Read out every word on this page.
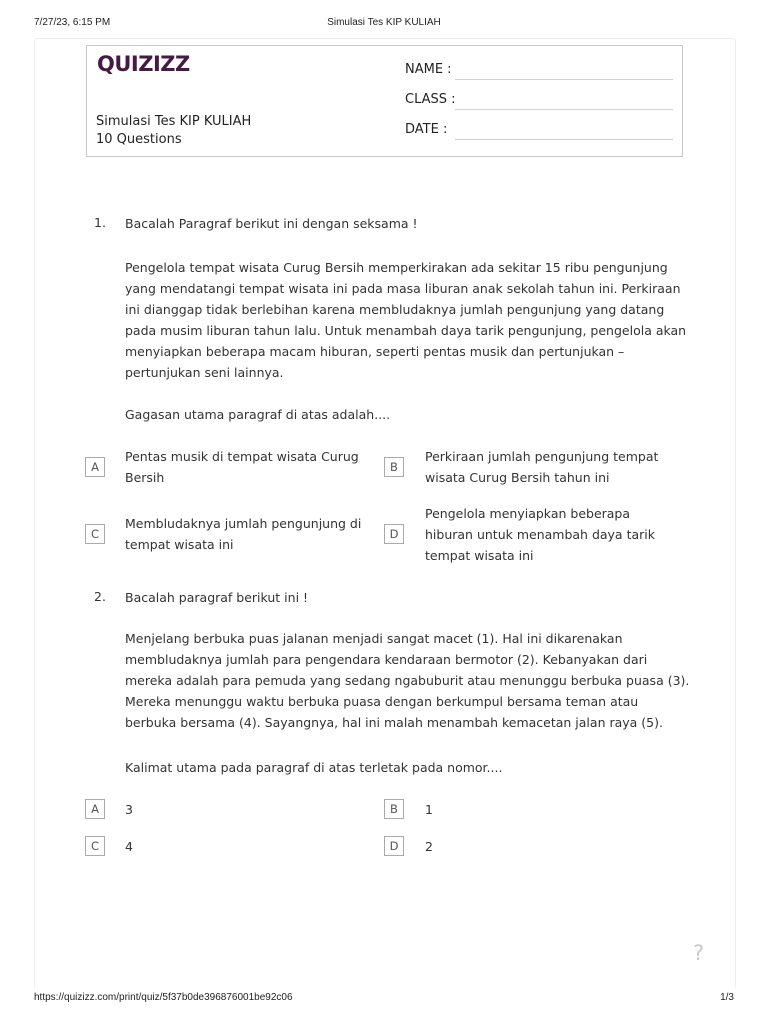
7/27/23, 6:15 PM	Simulasi Tes KIP KULIAH
QUIZIZZ
Simulasi Tes KIP KULIAH
10 Questions
NAME :
CLASS :
DATE :
1. Bacalah Paragraf berikut ini dengan seksama !
Pengelola tempat wisata Curug Bersih memperkirakan ada sekitar 15 ribu pengunjung yang mendatangi tempat wisata ini pada masa liburan anak sekolah tahun ini. Perkiraan ini dianggap tidak berlebihan karena membludaknya jumlah pengunjung yang datang pada musim liburan tahun lalu. Untuk menambah daya tarik pengunjung, pengelola akan menyiapkan beberapa macam hiburan, seperti pentas musik dan pertunjukan – pertunjukan seni lainnya.
Gagasan utama paragraf di atas adalah....
A
Pentas musik di tempat wisata Curug Bersih
B
Perkiraan jumlah pengunjung tempat wisata Curug Bersih tahun ini
C
Membludaknya jumlah pengunjung di tempat wisata ini
D
Pengelola menyiapkan beberapa hiburan untuk menambah daya tarik tempat wisata ini
2. Bacalah paragraf berikut ini !
Menjelang berbuka puas jalanan menjadi sangat macet (1). Hal ini dikarenakan membludaknya jumlah para pengendara kendaraan bermotor (2). Kebanyakan dari mereka adalah para pemuda yang sedang ngabuburit atau menunggu berbuka puasa (3). Mereka menunggu waktu berbuka puasa dengan berkumpul bersama teman atau berbuka bersama (4). Sayangnya, hal ini malah menambah kemacetan jalan raya (5).
Kalimat utama pada paragraf di atas terletak pada nomor....
A	3	B	1
C	4	D	2
?
https://quizizz.com/print/quiz/5f37b0de396876001be92c06	1/3
